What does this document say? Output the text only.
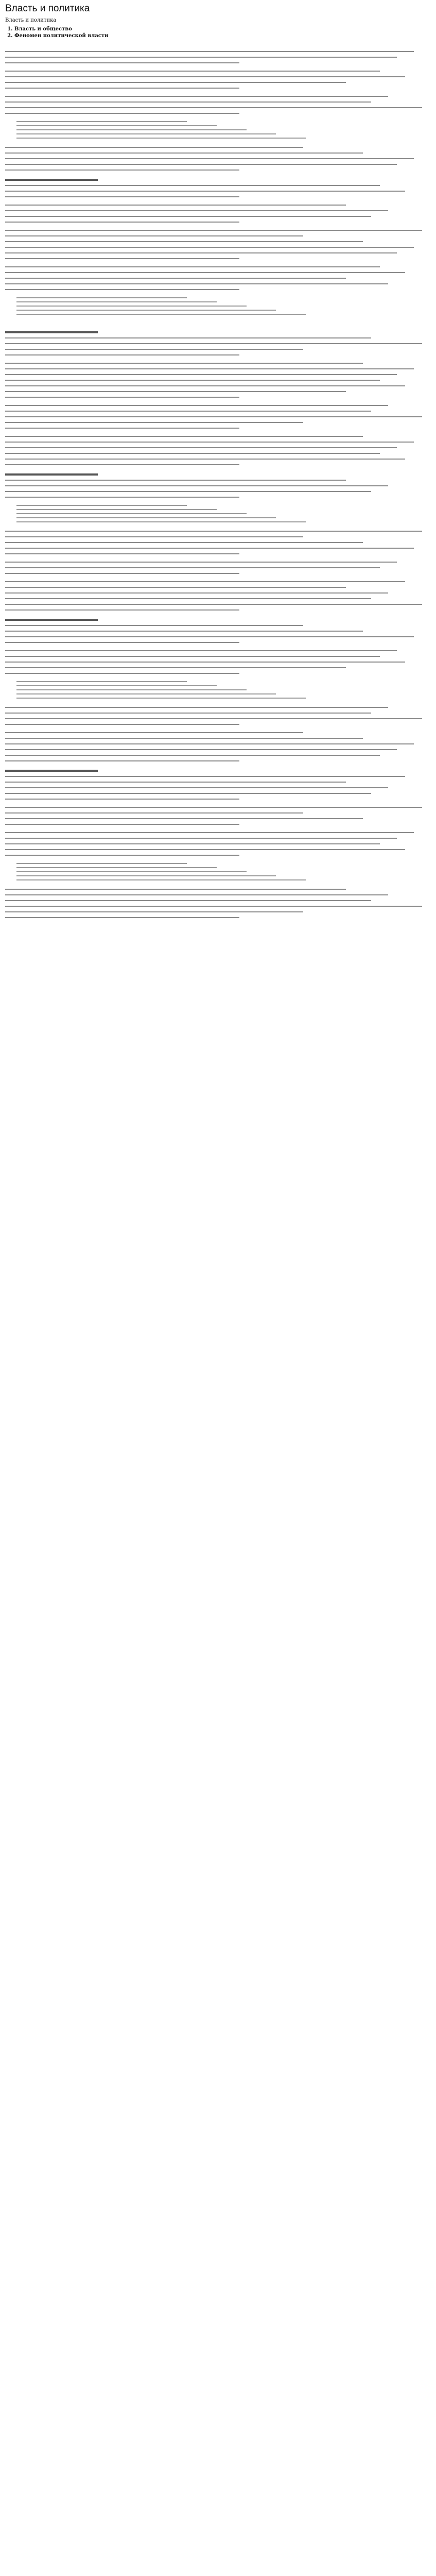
Власть и политика
Власть и политика
1. Власть и общество
2. Феномен политической власти
